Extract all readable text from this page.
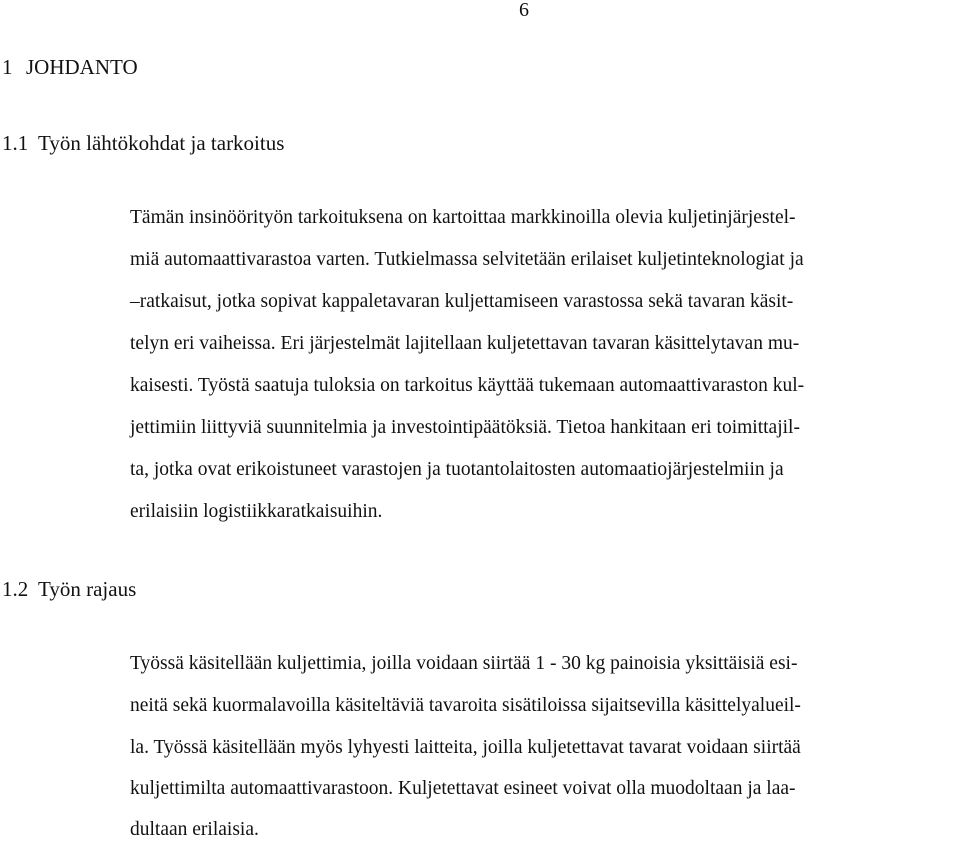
6
1 JOHDANTO
1.1 Työn lähtökohdat ja tarkoitus
Tämän insinöörityön tarkoituksena on kartoittaa markkinoilla olevia kuljetinjärjestel-
miä automaattivarastoa varten. Tutkielmassa selvitetään erilaiset kuljetinteknologiat ja
–ratkaisut, jotka sopivat kappaletavaran kuljettamiseen varastossa sekä tavaran käsit-
telyn eri vaiheissa. Eri järjestelmät lajitellaan kuljetettavan tavaran käsittelytavan mu-
kaisesti. Työstä saatuja tuloksia on tarkoitus käyttää tukemaan automaattivaraston kul-
jettimiin liittyviä suunnitelmia ja investointipäätöksiä. Tietoa hankitaan eri toimittajil-
ta, jotka ovat erikoistuneet varastojen ja tuotantolaitosten automaatiojärjestelmiin ja
erilaisiin logistiikkaratkaisuihin.
1.2 Työn rajaus
Työssä käsitellään kuljettimia, joilla voidaan siirtää 1 - 30 kg painoisia yksittäisiä esi-
neitä sekä kuormalavoilla käsiteltäviä tavaroita sisätiloissa sijaitsevilla käsittelyalueil-
la. Työssä käsitellään myös lyhyesti laitteita, joilla kuljetettavat tavarat voidaan siirtää
kuljettimilta automaattivarastoon. Kuljetettavat esineet voivat olla muodoltaan ja laa-
dultaan erilaisia.
